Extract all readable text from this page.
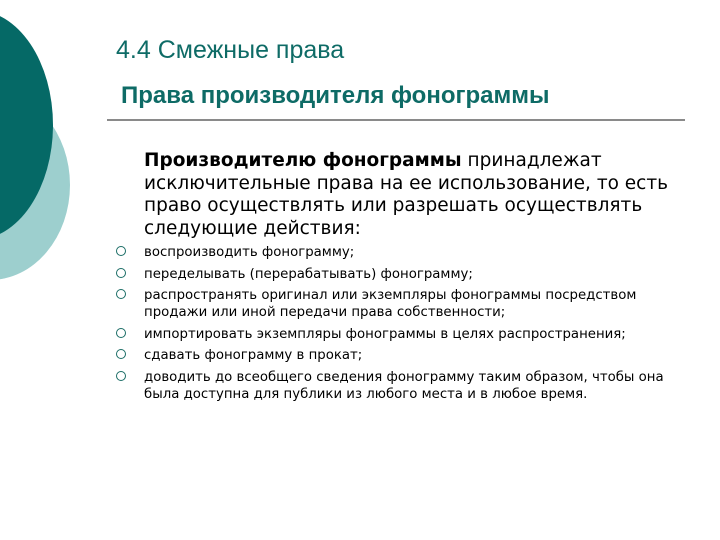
4.4 Смежные права
Права производителя фонограммы
Производителю фонограммы принадлежат исключительные права на ее использование, то есть право осуществлять или разрешать осуществлять следующие действия:
воспроизводить фонограмму;
переделывать (перерабатывать) фонограмму;
распространять оригинал или экземпляры фонограммы посредством продажи или иной передачи права собственности;
импортировать экземпляры фонограммы в целях распространения;
сдавать фонограмму в прокат;
доводить до всеобщего сведения фонограмму таким образом, чтобы она была доступна для публики из любого места и в любое время.
